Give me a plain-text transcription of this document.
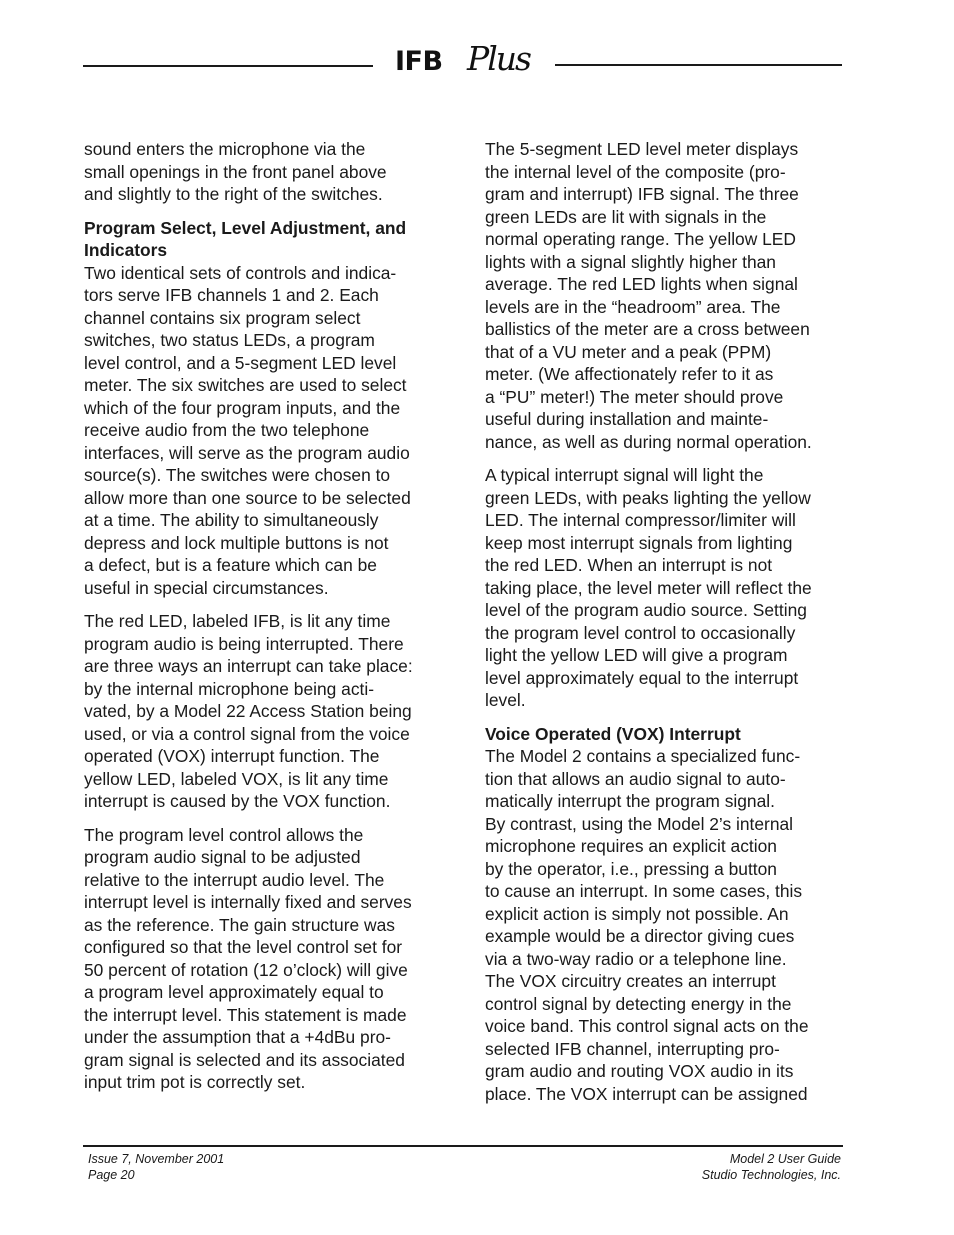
IFB Plus

sound enters the microphone via the
small openings in the front panel above
and slightly to the right of the switches.

Program Select, Level Adjustment, and
Indicators

Two identical sets of controls and indica-
tors serve IFB channels 1 and 2. Each
channel contains six program select
switches, two status LEDs, a program
level control, and a 5-segment LED level
meter. The six switches are used to select
which of the four program inputs, and the
receive audio from the two telephone
interfaces, will serve as the program audio
source(s). The switches were chosen to
allow more than one source to be selected
at a time. The ability to simultaneously
depress and lock multiple buttons is not
a defect, but is a feature which can be
useful in special circumstances.

The red LED, labeled IFB, is lit any time
program audio is being interrupted. There
are three ways an interrupt can take place:
by the internal microphone being acti-
vated, by a Model 22 Access Station being
used, or via a control signal from the voice
operated (VOX) interrupt function. The
yellow LED, labeled VOX, is lit any time
interrupt is caused by the VOX function.

The program level control allows the
program audio signal to be adjusted
relative to the interrupt audio level. The
interrupt level is internally fixed and serves
as the reference. The gain structure was
configured so that the level control set for
50 percent of rotation (12 o’clock) will give
a program level approximately equal to
the interrupt level. This statement is made
under the assumption that a +4dBu pro-
gram signal is selected and its associated
input trim pot is correctly set.

The 5-segment LED level meter displays
the internal level of the composite (pro-
gram and interrupt) IFB signal. The three
green LEDs are lit with signals in the
normal operating range. The yellow LED
lights with a signal slightly higher than
average. The red LED lights when signal
levels are in the “headroom” area. The
ballistics of the meter are a cross between
that of a VU meter and a peak (PPM)
meter. (We affectionately refer to it as
a “PU” meter!) The meter should prove
useful during installation and mainte-
nance, as well as during normal operation.

A typical interrupt signal will light the
green LEDs, with peaks lighting the yellow
LED. The internal compressor/limiter will
keep most interrupt signals from lighting
the red LED. When an interrupt is not
taking place, the level meter will reflect the
level of the program audio source. Setting
the program level control to occasionally
light the yellow LED will give a program
level approximately equal to the interrupt
level.

Voice Operated (VOX) Interrupt

The Model 2 contains a specialized func-
tion that allows an audio signal to auto-
matically interrupt the program signal.
By contrast, using the Model 2’s internal
microphone requires an explicit action
by the operator, i.e., pressing a button
to cause an interrupt. In some cases, this
explicit action is simply not possible. An
example would be a director giving cues
via a two-way radio or a telephone line.
The VOX circuitry creates an interrupt
control signal by detecting energy in the
voice band. This control signal acts on the
selected IFB channel, interrupting pro-
gram audio and routing VOX audio in its
place. The VOX interrupt can be assigned

Issue 7, November 2001
Page 20
Model 2 User Guide
Studio Technologies, Inc.
